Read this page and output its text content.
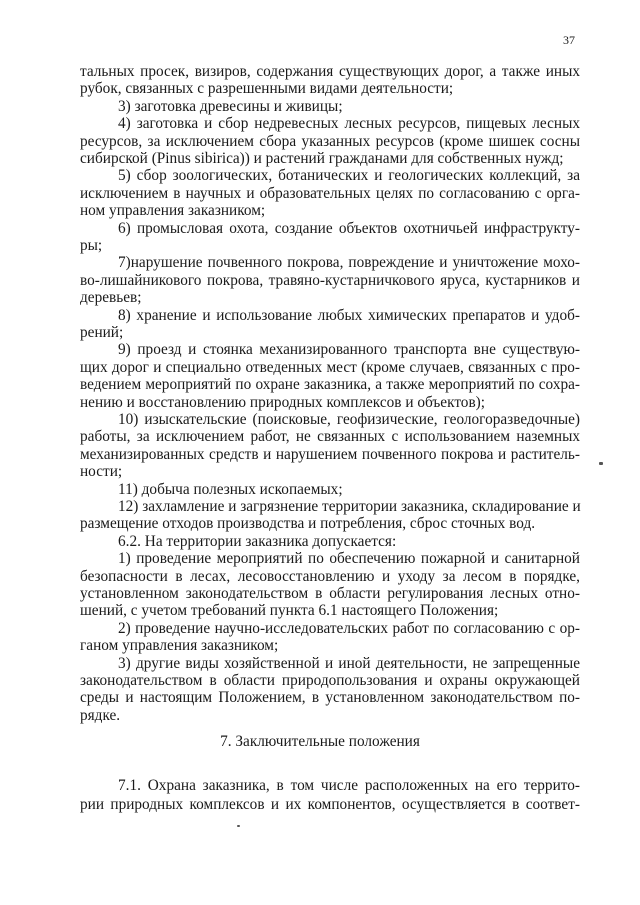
37
тальных просек, визиров, содержания существующих дорог, а также иных
рубок, связанных с разрешенными видами деятельности;
3) заготовка древесины и живицы;
4) заготовка и сбор недревесных лесных ресурсов, пищевых лесных
ресурсов, за исключением сбора указанных ресурсов (кроме шишек сосны
сибирской (Pinus sibirica)) и растений гражданами для собственных нужд;
5) сбор зоологических, ботанических и геологических коллекций, за
исключением в научных и образовательных целях по согласованию с орга-
ном управления заказником;
6) промысловая охота, создание объектов охотничьей инфраструкту-
ры;
7)нарушение почвенного покрова, повреждение и уничтожение мохо-
во-лишайникового покрова, травяно-кустарничкового яруса, кустарников и
деревьев;
8) хранение и использование любых химических препаратов и удоб-
рений;
9) проезд и стоянка механизированного транспорта вне существую-
щих дорог и специально отведенных мест (кроме случаев, связанных с про-
ведением мероприятий по охране заказника, а также мероприятий по сохра-
нению и восстановлению природных комплексов и объектов);
10) изыскательские (поисковые, геофизические, геологоразведочные)
работы, за исключением работ, не связанных с использованием наземных
механизированных средств и нарушением почвенного покрова и раститель-
ности;
11) добыча полезных ископаемых;
12) захламление и загрязнение территории заказника, складирование и
размещение отходов производства и потребления, сброс сточных вод.
6.2. На территории заказника допускается:
1) проведение мероприятий по обеспечению пожарной и санитарной
безопасности в лесах, лесовосстановлению и уходу за лесом в порядке,
установленном законодательством в области регулирования лесных отно-
шений, с учетом требований пункта 6.1 настоящего Положения;
2) проведение научно-исследовательских работ по согласованию с ор-
ганом управления заказником;
3) другие виды хозяйственной и иной деятельности, не запрещенные
законодательством в области природопользования и охраны окружающей
среды и настоящим Положением, в установленном законодательством по-
рядке.
7.1. Охрана заказника, в том числе расположенных на его террито-
рии природных комплексов и их компонентов, осуществляется в соответ-
7. Заключительные положения
